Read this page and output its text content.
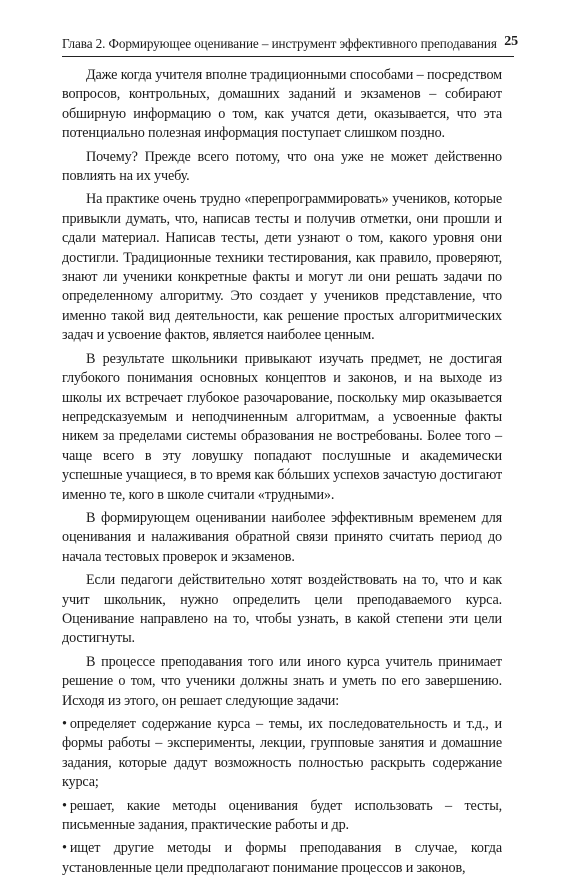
Глава 2. Формирующее оценивание – инструмент эффективного преподавания 25

Даже когда учителя вполне традиционными способами – посредством вопросов, контрольных, домашних заданий и экзаменов – собирают обширную информацию о том, как учатся дети, оказывается, что эта потенциально полезная информация поступает слишком поздно.

Почему? Прежде всего потому, что она уже не может действенно повлиять на их учебу.

На практике очень трудно «перепрограммировать» учеников, которые привыкли думать, что, написав тесты и получив отметки, они прошли и сдали материал. Написав тесты, дети узнают о том, какого уровня они достигли. Традиционные техники тестирования, как правило, проверяют, знают ли ученики конкретные факты и могут ли они решать задачи по определенному алгоритму. Это создает у учеников представление, что именно такой вид деятельности, как решение простых алгоритмических задач и усвоение фактов, является наиболее ценным.

В результате школьники привыкают изучать предмет, не достигая глубокого понимания основных концептов и законов, и на выходе из школы их встречает глубокое разочарование, поскольку мир оказывается непредсказуемым и неподчиненным алгоритмам, а усвоенные факты никем за пределами системы образования не востребованы. Более того – чаще всего в эту ловушку попадают послушные и академически успешные учащиеся, в то время как бóльших успехов зачастую достигают именно те, кого в школе считали «трудными».

В формирующем оценивании наиболее эффективным временем для оценивания и налаживания обратной связи принято считать период до начала тестовых проверок и экзаменов.

Если педагоги действительно хотят воздействовать на то, что и как учит школьник, нужно определить цели преподаваемого курса. Оценивание направлено на то, чтобы узнать, в какой степени эти цели достигнуты.

В процессе преподавания того или иного курса учитель принимает решение о том, что ученики должны знать и уметь по его завершению. Исходя из этого, он решает следующие задачи:

• определяет содержание курса – темы, их последовательность и т.д., и формы работы – эксперименты, лекции, групповые занятия и домашние задания, которые дадут возможность полностью раскрыть содержание курса;

• решает, какие методы оценивания будет использовать – тесты, письменные задания, практические работы и др.

• ищет другие методы и формы преподавания в случае, когда установленные цели предполагают понимание процессов и законов,
